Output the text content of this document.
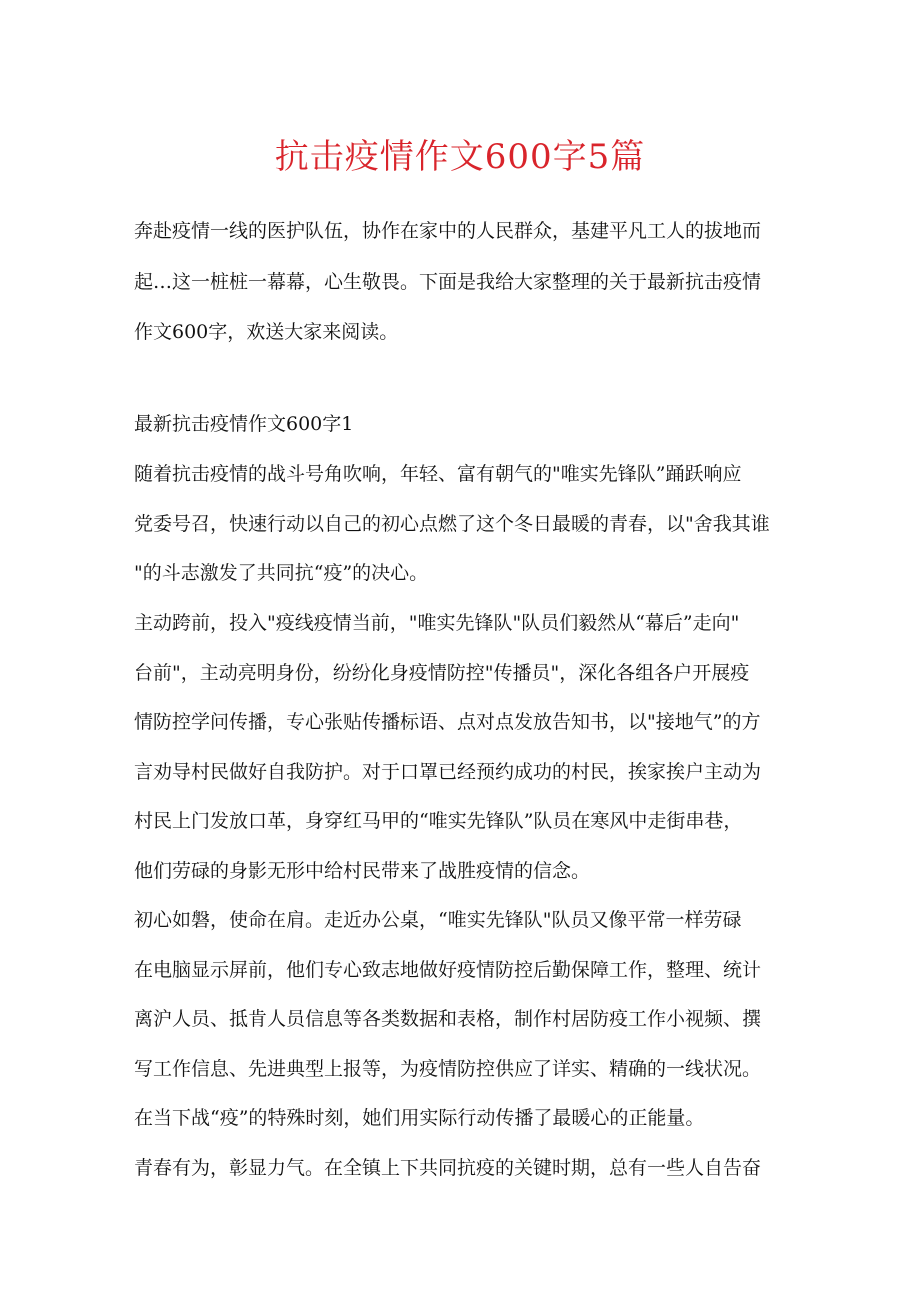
抗击疫情作文600字5篇
奔赴疫情一线的医护队伍，协作在家中的人民群众，基建平凡工人的拔地而
起…这一桩桩一幕幕，心生敬畏。下面是我给大家整理的关于最新抗击疫情
作文600字，欢送大家来阅读。
最新抗击疫情作文600字1
随着抗击疫情的战斗号角吹响，年轻、富有朝气的"唯实先锋队”踊跃响应
党委号召，快速行动以自己的初心点燃了这个冬日最暖的青春，以"舍我其谁
"的斗志激发了共同抗“疫”的决心。
主动跨前，投入"疫线疫情当前，"唯实先锋队"队员们毅然从“幕后”走向"
台前"，主动亮明身份，纷纷化身疫情防控"传播员"，深化各组各户开展疫
情防控学问传播，专心张贴传播标语、点对点发放告知书，以"接地气”的方
言劝导村民做好自我防护。对于口罩已经预约成功的村民，挨家挨户主动为
村民上门发放口革，身穿红马甲的“唯实先锋队”队员在寒风中走街串巷，
他们劳碌的身影无形中给村民带来了战胜疫情的信念。
初心如磐，使命在肩。走近办公桌，“唯实先锋队"队员又像平常一样劳碌
在电脑显示屏前，他们专心致志地做好疫情防控后勤保障工作，整理、统计
离沪人员、抵肯人员信息等各类数据和表格，制作村居防疫工作小视频、撰
写工作信息、先进典型上报等，为疫情防控供应了详实、精确的一线状况。
在当下战“疫”的特殊时刻，她们用实际行动传播了最暖心的正能量。
青春有为，彰显力气。在全镇上下共同抗疫的关键时期，总有一些人自告奋
